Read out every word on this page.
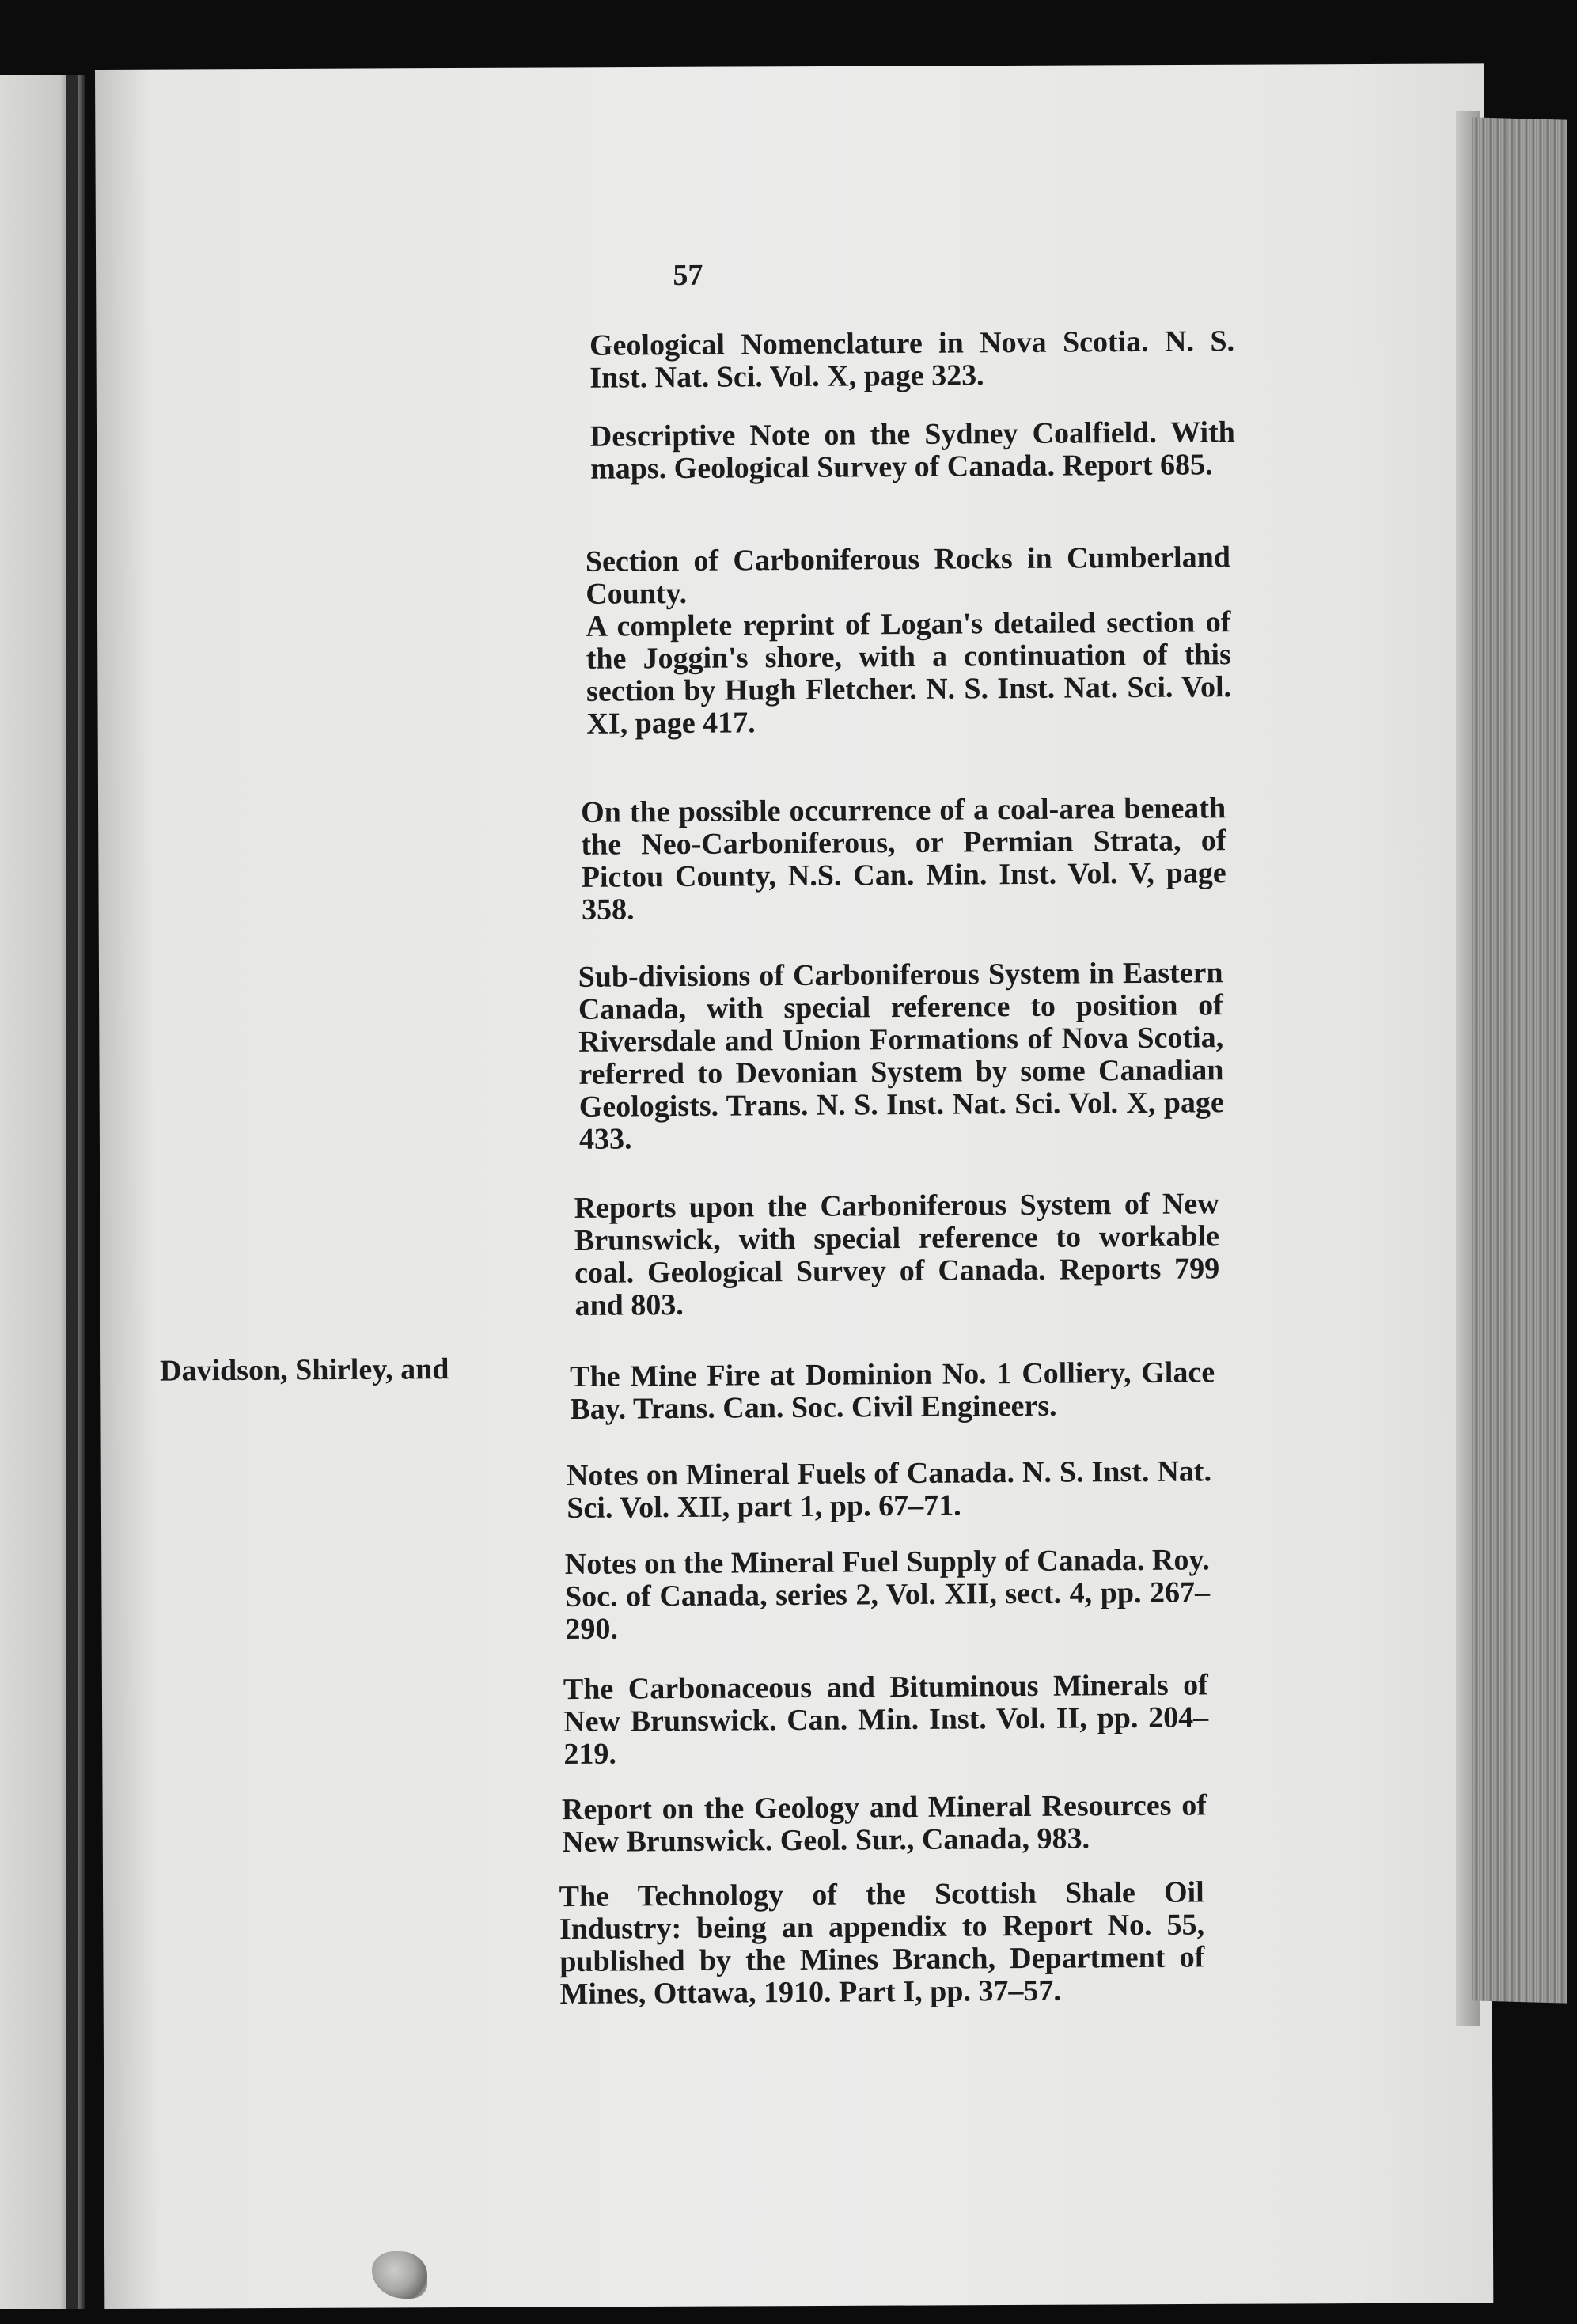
57

Geological Nomenclature in Nova Scotia. N. S. Inst. Nat. Sci. Vol. X, page 323.

Descriptive Note on the Sydney Coalfield. With maps. Geological Survey of Canada. Report 685.

Section of Carboniferous Rocks in Cumberland County.

A complete reprint of Logan's detailed section of the Joggin's shore, with a continuation of this section by Hugh Fletcher. N. S. Inst. Nat. Sci. Vol. XI, page 417.

On the possible occurrence of a coal-area beneath the Neo-Carboniferous, or Permian Strata, of Pictou County, N.S. Can. Min. Inst. Vol. V, page 358.

Sub-divisions of Carboniferous System in Eastern Canada, with special reference to position of Riversdale and Union Formations of Nova Scotia, referred to Devonian System by some Canadian Geologists. Trans. N. S. Inst. Nat. Sci. Vol. X, page 433.

Reports upon the Carboniferous System of New Brunswick, with special reference to workable coal. Geological Survey of Canada. Reports 799 and 803.

Davidson, Shirley, and	The Mine Fire at Dominion No. 1 Colliery, Glace Bay. Trans. Can. Soc. Civil Engineers.

Notes on Mineral Fuels of Canada. N. S. Inst. Nat. Sci. Vol. XII, part 1, pp. 67–71.

Notes on the Mineral Fuel Supply of Canada. Roy. Soc. of Canada, series 2, Vol. XII, sect. 4, pp. 267–290.

The Carbonaceous and Bituminous Minerals of New Brunswick. Can. Min. Inst. Vol. II, pp. 204–219.

Report on the Geology and Mineral Resources of New Brunswick. Geol. Sur., Canada, 983.

The Technology of the Scottish Shale Oil Industry: being an appendix to Report No. 55, published by the Mines Branch, Department of Mines, Ottawa, 1910. Part I, pp. 37–57.
